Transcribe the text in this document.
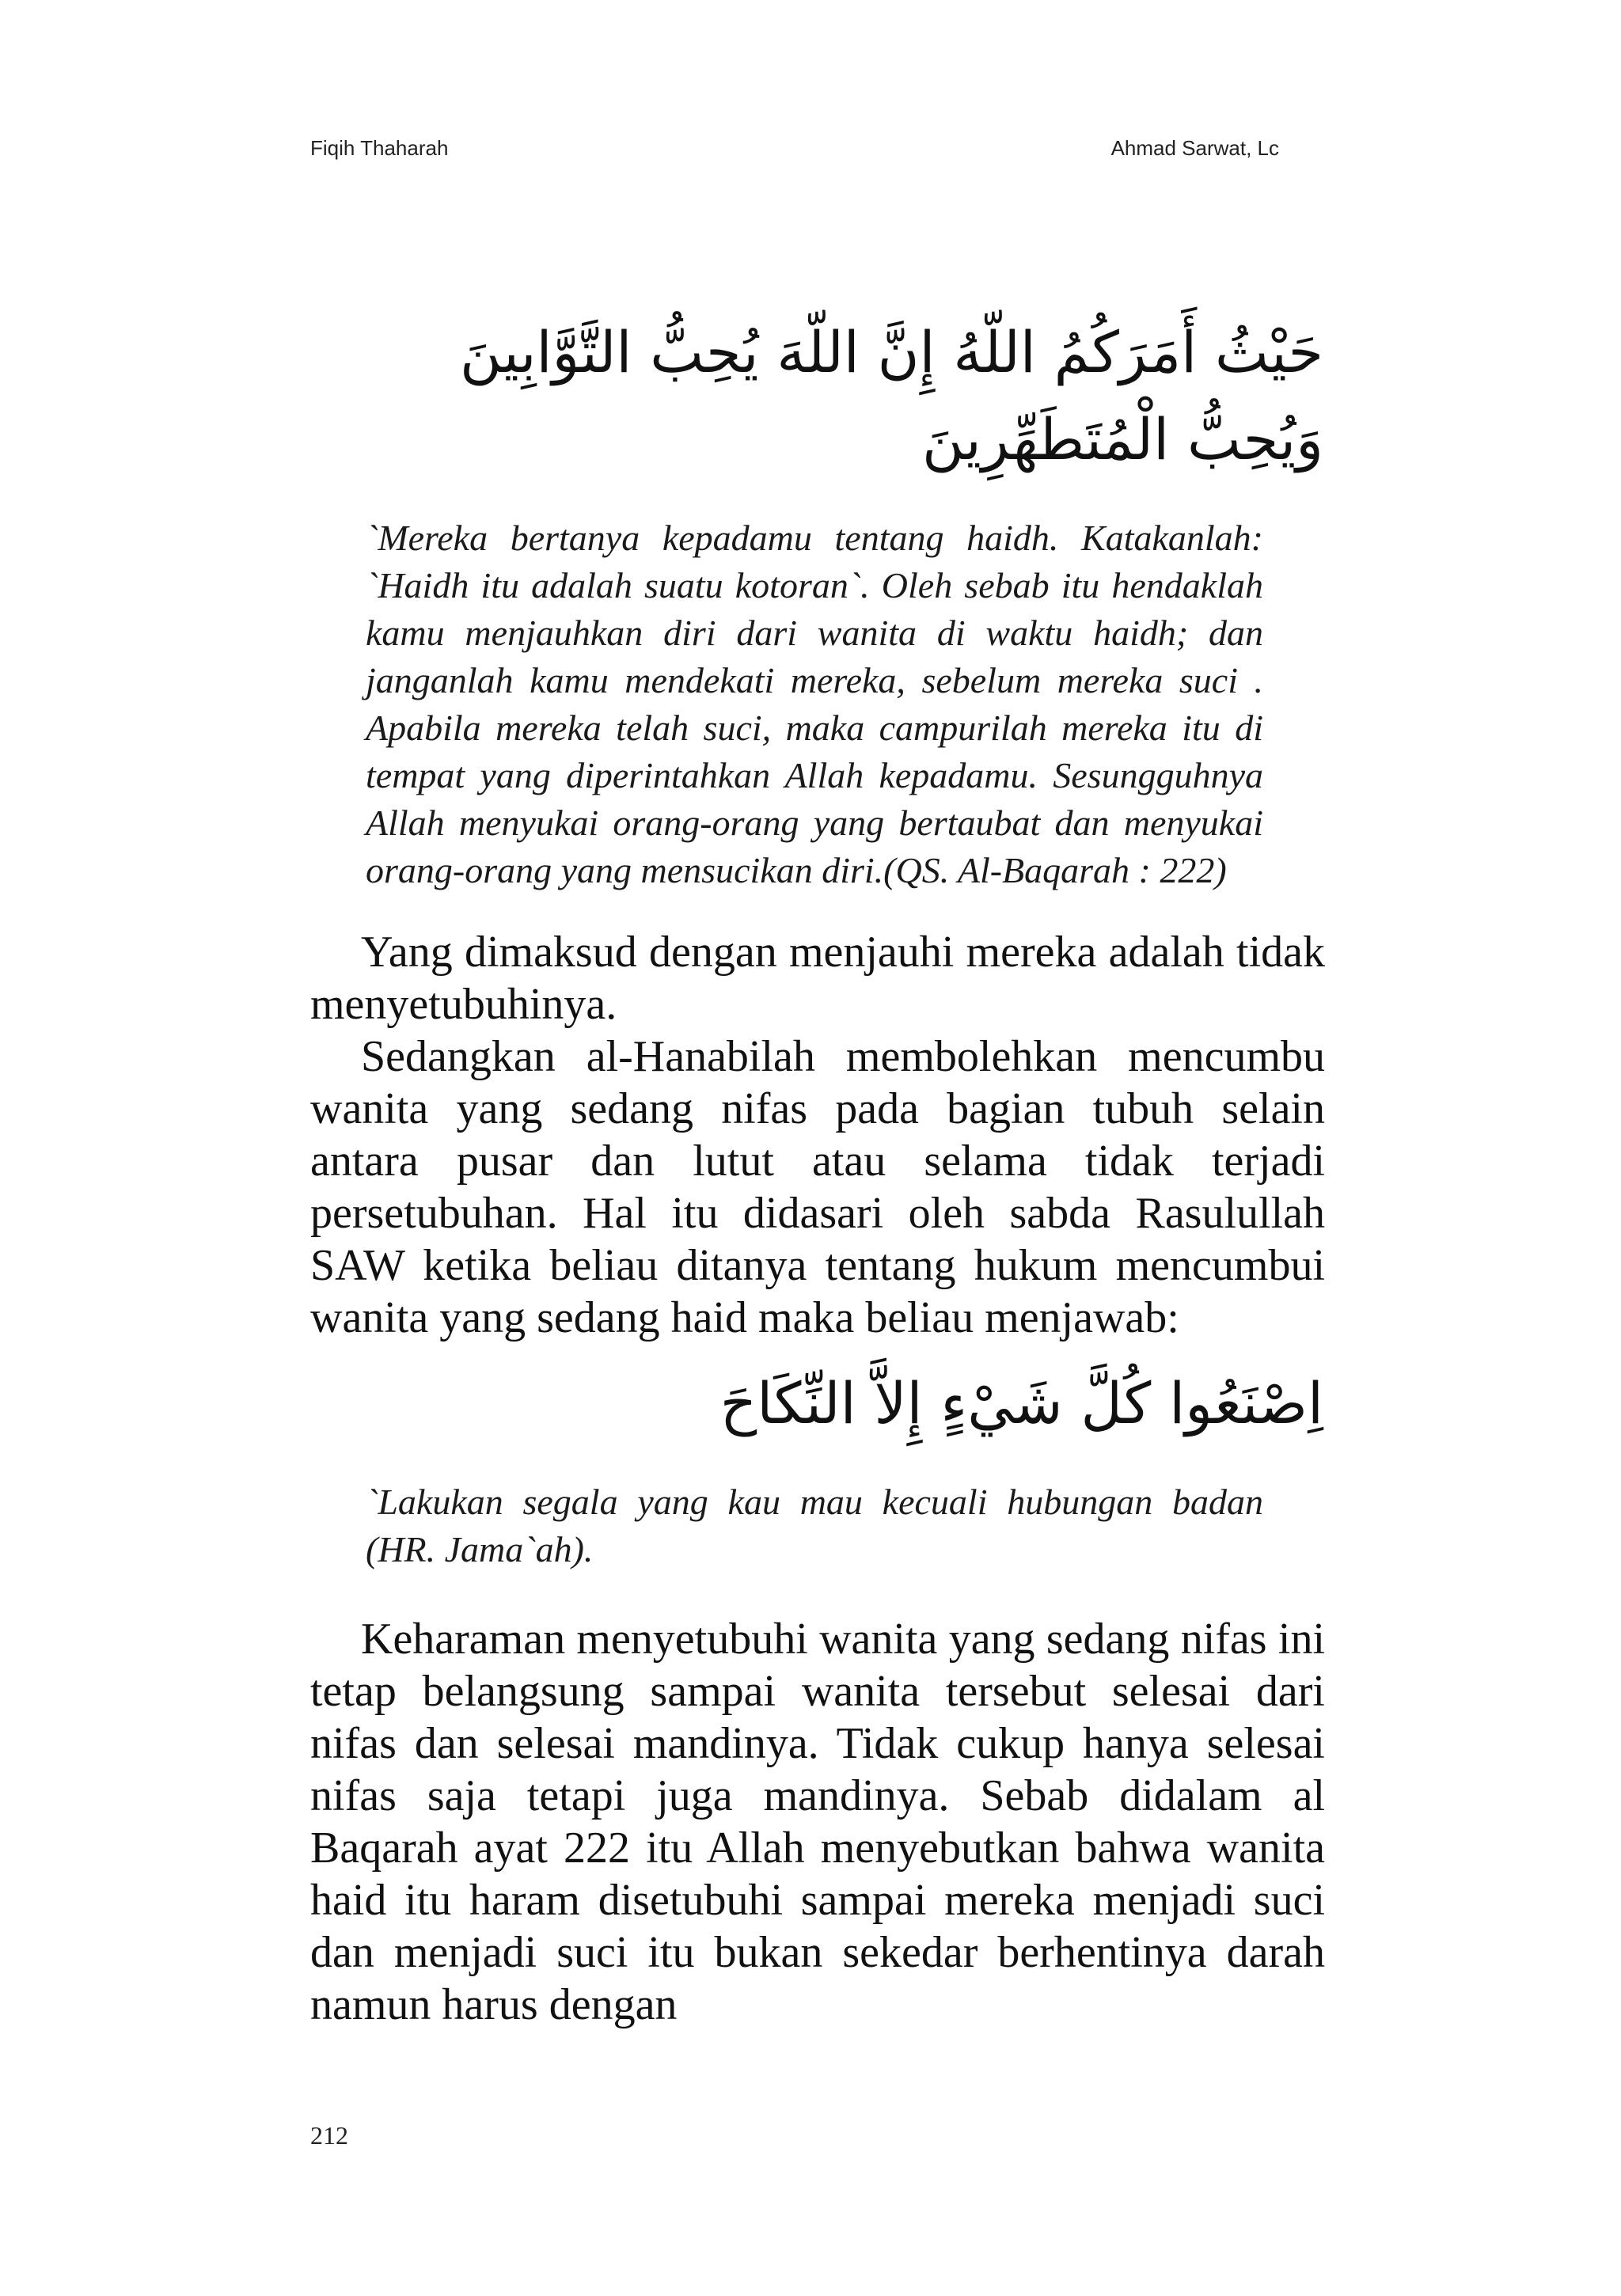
Fiqih Thaharah	Ahmad Sarwat, Lc

حَيْثُ أَمَرَكُمُ اللّهُ إِنَّ اللّهَ يُحِبُّ التَّوَّابِينَ وَيُحِبُّ الْمُتَطَهِّرِينَ

`Mereka bertanya kepadamu tentang haidh. Katakanlah: `Haidh itu adalah suatu kotoran`. Oleh sebab itu hendaklah kamu menjauhkan diri dari wanita di waktu haidh; dan janganlah kamu mendekati mereka, sebelum mereka suci . Apabila mereka telah suci, maka campurilah mereka itu di tempat yang diperintahkan Allah kepadamu. Sesungguhnya Allah menyukai orang-orang yang bertaubat dan menyukai orang-orang yang mensucikan diri.(QS. Al-Baqarah : 222)

Yang dimaksud dengan menjauhi mereka adalah tidak menyetubuhinya.

Sedangkan al-Hanabilah membolehkan mencumbu wanita yang sedang nifas pada bagian tubuh selain antara pusar dan lutut atau selama tidak terjadi persetubuhan. Hal itu didasari oleh sabda Rasulullah SAW ketika beliau ditanya tentang hukum mencumbui wanita yang sedang haid maka beliau menjawab:

اِصْنَعُوا كُلَّ شَيْءٍ إِلاَّ النِّكَاحَ

`Lakukan segala yang kau mau kecuali hubungan badan (HR. Jama`ah).

Keharaman menyetubuhi wanita yang sedang nifas ini tetap belangsung sampai wanita tersebut selesai dari nifas dan selesai mandinya. Tidak cukup hanya selesai nifas saja tetapi juga mandinya. Sebab didalam al Baqarah ayat 222 itu Allah menyebutkan bahwa wanita haid itu haram disetubuhi sampai mereka menjadi suci dan menjadi suci itu bukan sekedar berhentinya darah namun harus dengan

212
